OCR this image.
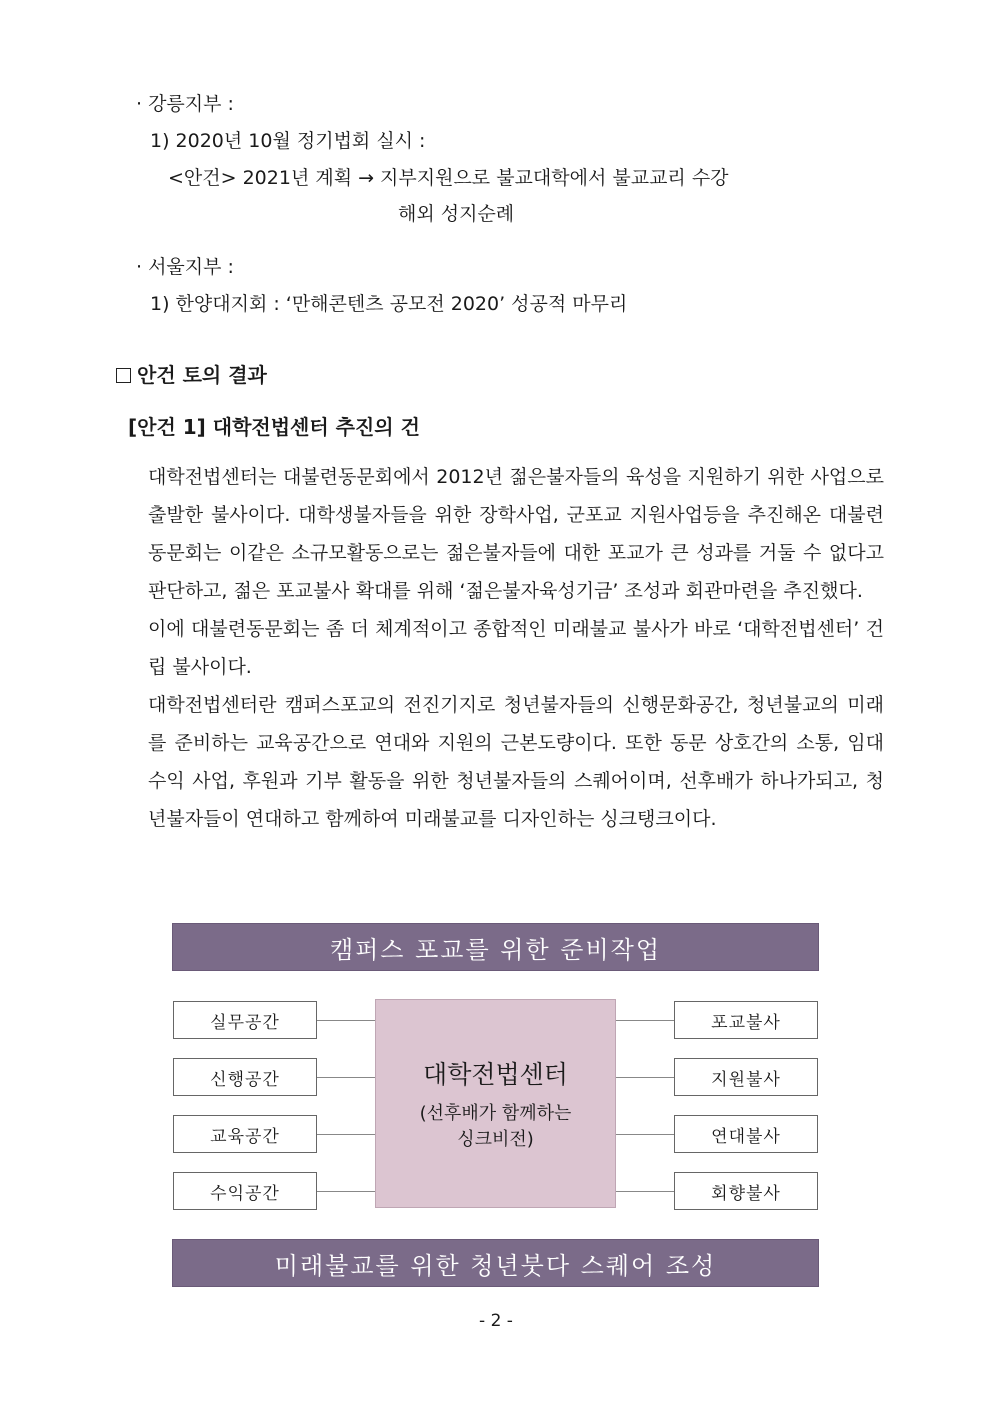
· 강릉지부 :
1) 2020년 10월 정기법회 실시 :
<안건> 2021년 계획 → 지부지원으로 불교대학에서 불교교리 수강
해외 성지순례
· 서울지부 :
1) 한양대지회 : ‘만해콘텐츠 공모전 2020’ 성공적 마무리
안건 토의 결과
[안건 1] 대학전법센터 추진의 건

대학전법센터는 대불련동문회에서 2012년 젊은불자들의 육성을 지원하기 위한 사업으로 출발한 불사이다. 대학생불자들을 위한 장학사업, 군포교 지원사업등을 추진해온 대불련동문회는 이같은 소규모활동으로는 젊은불자들에 대한 포교가 큰 성과를 거둘 수 없다고 판단하고, 젊은 포교불사 확대를 위해 ‘젊은불자육성기금’ 조성과 회관마련을 추진했다.

이에 대불련동문회는 좀 더 체계적이고 종합적인 미래불교 불사가 바로 ‘대학전법센터’ 건립 불사이다.

대학전법센터란 캠퍼스포교의 전진기지로 청년불자들의 신행문화공간, 청년불교의 미래를 준비하는 교육공간으로 연대와 지원의 근본도량이다. 또한 동문 상호간의 소통, 임대 수익 사업, 후원과 기부 활동을 위한 청년불자들의 스퀘어이며, 선후배가 하나가되고, 청년불자들이 연대하고 함께하여 미래불교를 디자인하는 싱크탱크이다.

캠퍼스 포교를 위한 준비작업
실무공간
신행공간
교육공간
수익공간
대학전법센터
(선후배가 함께하는
싱크비전)
포교불사
지원불사
연대불사
회향불사
미래불교를 위한 청년붓다 스퀘어 조성
- 2 -
